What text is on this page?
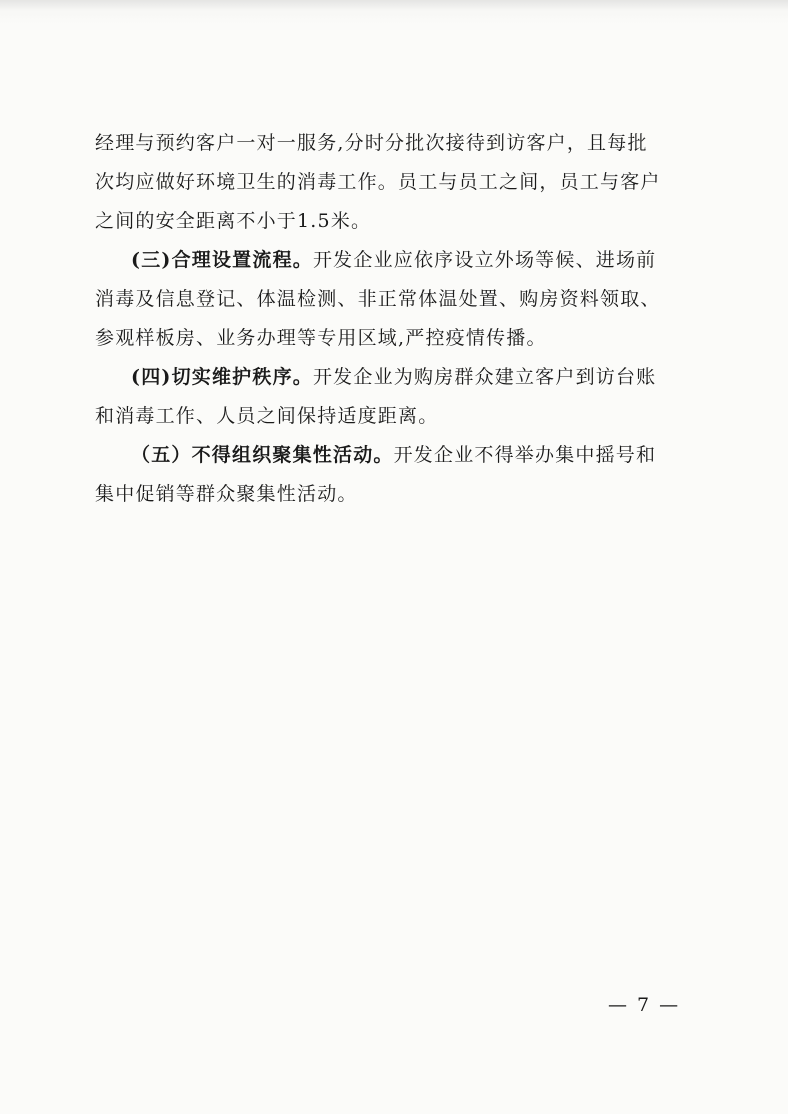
经理与预约客户一对一服务,分时分批次接待到访客户，且每批
次均应做好环境卫生的消毒工作。员工与员工之间，员工与客户
之间的安全距离不小于1.5米。
(三)合理设置流程。开发企业应依序设立外场等候、进场前
消毒及信息登记、体温检测、非正常体温处置、购房资料领取、
参观样板房、业务办理等专用区域,严控疫情传播。
(四)切实维护秩序。开发企业为购房群众建立客户到访台账
和消毒工作、人员之间保持适度距离。
（五）不得组织聚集性活动。开发企业不得举办集中摇号和
集中促销等群众聚集性活动。
— 7 —
